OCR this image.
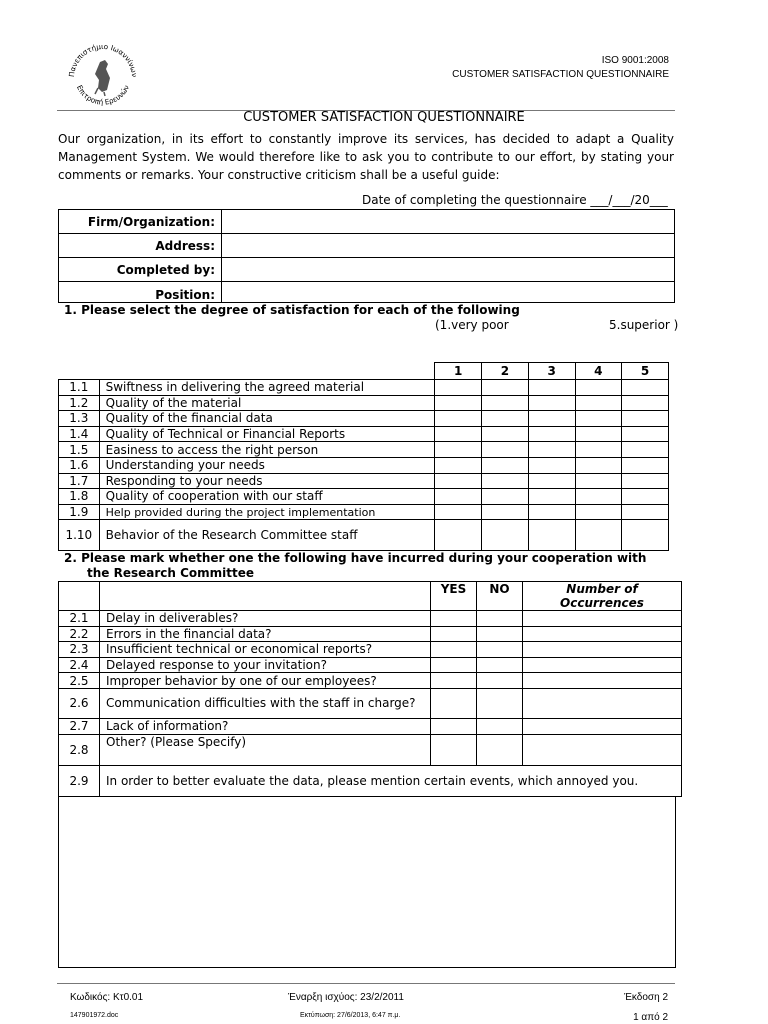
Πανεπιστήμιο Ιωαννίνων
Επιτροπή Ερευνών
ISO 9001:2008
CUSTOMER SATISFACTION QUESTIONNAIRE
CUSTOMER SATISFACTION QUESTIONNAIRE
Our organization, in its effort to constantly improve its services, has decided to adapt a Quality Management System. We would therefore like to ask you to contribute to our effort, by stating your comments or remarks. Your constructive criticism shall be a useful guide:
Date of completing the questionnaire ___/___/20___
Firm/Organization:	
Address:	
Completed by:	
Position:	
1. Please select the degree of satisfaction for each of the following
(1.very poor	5.superior )
		1	2	3	4	5
1.1	Swiftness in delivering the agreed material					
1.2	Quality of the material					
1.3	Quality of the financial data					
1.4	Quality of Technical or Financial Reports					
1.5	Easiness to access the right person					
1.6	Understanding your needs					
1.7	Responding to your needs					
1.8	Quality of cooperation with our staff					
1.9	Help provided during the project implementation					
1.10	Behavior of the Research Committee staff					
2. Please mark whether one the following have incurred during your cooperation with
the Research Committee
		YES	NO	Number of Occurrences
2.1	Delay in deliverables?			
2.2	Errors in the financial data?			
2.3	Insufficient technical or economical reports?			
2.4	Delayed response to your invitation?			
2.5	Improper behavior by one of our employees?			
2.6	Communication difficulties with the staff in charge?			
2.7	Lack of information?			
2.8	Other? (Please Specify)			
2.9	In order to better evaluate the data, please mention certain events, which annoyed you.			
Κωδικός: Κτ0.01	Έναρξη ισχύος: 23/2/2011	Έκδοση 2
147901972.doc	Εκτύπωση: 27/6/2013, 6:47 π.μ.	1 από 2
